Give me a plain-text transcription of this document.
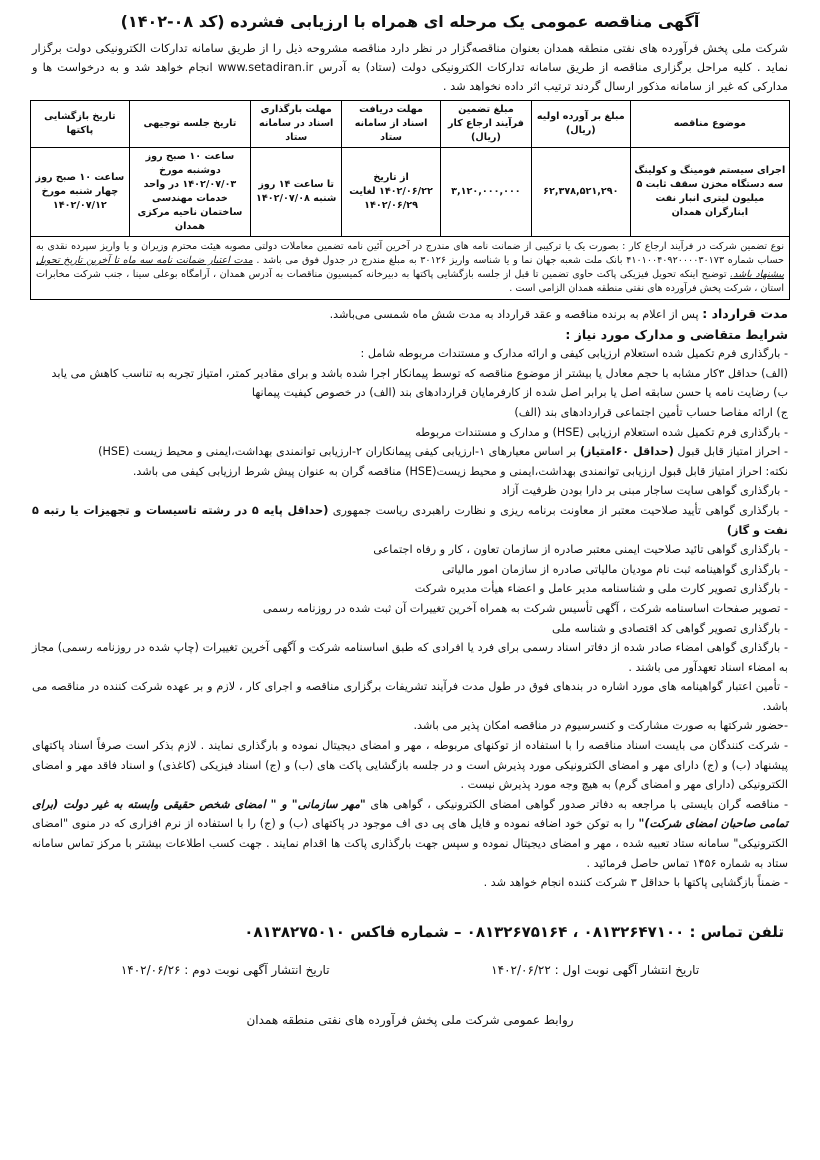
آگهی مناقصه عمومی یک مرحله ای همراه با ارزیابی فشرده (کد ۰۸-۱۴۰۲)
شرکت ملی پخش فرآورده های نفتی منطقه همدان بعنوان مناقصه‌گزار در نظر دارد مناقصه مشروحه ذیل را از طریق سامانه تدارکات الکترونیکی دولت برگزار نماید . کلیه مراحل برگزاری مناقصه از طریق سامانه تدارکات الکترونیکی دولت (ستاد) به آدرس www.setadiran.ir انجام خواهد شد و به درخواست ها و مدارکی که غیر از سامانه مذکور ارسال گردند ترتیب اثر داده نخواهد شد .
موضوع مناقصه	مبلغ بر آورده اولیه (ریال)	مبلغ تضمین فرآیند ارجاع کار (ریال)	مهلت دریافت اسناد از سامانه ستاد	مهلت بارگذاری اسناد در سامانه ستاد	تاریخ جلسه توجیهی	تاریخ بازگشایی پاکتها
اجرای سیستم فومینگ و کولینگ سه دستگاه مخزن سقف ثابت ۵ میلیون لیتری انبار نفت ابنارگران همدان	۶۲,۳۷۸,۵۲۱,۲۹۰	۳,۱۲۰,۰۰۰,۰۰۰	از تاریخ ۱۴۰۲/۰۶/۲۲ لغایت ۱۴۰۲/۰۶/۲۹	تا ساعت ۱۴ روز شنبه ۱۴۰۲/۰۷/۰۸	ساعت ۱۰ صبح روز دوشنبه مورخ ۱۴۰۲/۰۷/۰۳ در واحد خدمات مهندسی ساختمان ناحیه مرکزی همدان	ساعت ۱۰ صبح روز چهار شنبه مورخ ۱۴۰۲/۰۷/۱۲
نوع تضمین شرکت در فرآیند ارجاع کار : بصورت یک یا ترکیبی از ضمانت نامه های مندرج در آخرین آئین نامه تضمین معاملات دولتی مصوبه هیئت محترم وزیران و یا واریز سپرده نقدی به حساب شماره ۴۱۰۱۰۰۴۰۹۲۰۰۰۰۳۰۱۷۳ بانک ملت شعبه جهان نما و یا شناسه واریز ۳۰۱۲۶ به مبلغ مندرج در جدول فوق می باشد . مدت اعتبار ضمانت نامه سه ماه تا آخرین تاریخ تحویل پیشنهاد باشد. توضیح اینکه تحویل فیزیکی پاکت حاوی تضمین تا قبل از جلسه بازگشایی پاکتها به دبیرخانه کمیسیون مناقصات به آدرس همدان ، آرامگاه بوعلی سینا ، جنب شرکت مخابرات استان ، شرکت پخش فرآورده های نفتی منطقه همدان الزامی است .						

مدت قرارداد : پس از اعلام به برنده مناقصه و عقد قرارداد به مدت شش ماه شمسی می‌باشد.

شرایط متقاضی و مدارک مورد نیاز :

- بارگذاری فرم تکمیل شده استعلام ارزیابی کیفی و ارائه مدارک و مستندات مربوطه شامل :

(الف) حداقل ۳کار مشابه با حجم معادل یا بیشتر از موضوع مناقصه که توسط پیمانکار اجرا شده باشد و برای مقادیر کمتر، امتیاز تجربه به تناسب کاهش می یابد

ب) رضایت نامه یا حسن سابقه اصل یا برابر اصل شده از کارفرمایان قراردادهای بند (الف) در خصوص کیفیت پیمانها

ج) ارائه مفاصا حساب تأمین اجتماعی قراردادهای بند (الف)

- بارگذاری فرم تکمیل شده استعلام ارزیابی (HSE) و مدارک و مستندات مربوطه

- احراز امتیاز قابل قبول (حداقل ۶۰امتیاز) بر اساس معیارهای ۱-ارزیابی کیفی پیمانکاران ۲-ارزیابی توانمندی بهداشت،ایمنی و محیط زیست (HSE)

نکته: احراز امتیاز قابل قبول ارزیابی توانمندی بهداشت،ایمنی و محیط زیست(HSE) مناقصه گران به عنوان پیش شرط ارزیابی کیفی می باشد.

- بارگذاری گواهی سایت ساجار مبنی بر دارا بودن ظرفیت آزاد

- بارگذاری گواهی تأیید صلاحیت معتبر از معاونت برنامه ریزی و نظارت راهبردی ریاست جمهوری (حداقل پایه ۵ در رشته تاسیسات و تجهیزات یا رتبه ۵ نفت و گاز)

- بارگذاری گواهی تائید صلاحیت ایمنی معتبر صادره از سازمان تعاون ، کار و رفاه اجتماعی

- بارگذاری گواهینامه ثبت نام مودیان مالیاتی صادره از سازمان امور مالیاتی

- بارگذاری تصویر کارت ملی و شناسنامه مدیر عامل و اعضاء هیأت مدیره شرکت

- تصویر صفحات اساسنامه شرکت ، آگهی تأسیس شرکت به همراه آخرین تغییرات آن ثبت شده در روزنامه رسمی

- بارگذاری تصویر گواهی کد اقتصادی و شناسه ملی

- بارگذاری گواهی امضاء صادر شده از دفاتر اسناد رسمی برای فرد یا افرادی که طبق اساسنامه شرکت و آگهی آخرین تغییرات (چاپ شده در روزنامه رسمی) مجاز به امضاء اسناد تعهدآور می باشند .

- تأمین اعتبار گواهینامه های مورد اشاره در بندهای فوق در طول مدت فرآیند تشریفات برگزاری مناقصه و اجرای کار ، لازم و بر عهده شرکت کننده در مناقصه می باشد.

-حضور شرکتها به صورت مشارکت و کنسرسیوم در مناقصه امکان پذیر می باشد.

- شرکت کنندگان می بایست اسناد مناقصه را با استفاده از توکنهای مربوطه ، مهر و امضای دیجیتال نموده و بارگذاری نمایند . لازم بذکر است صرفاً اسناد پاکتهای پیشنهاد (ب) و (ج) دارای مهر و امضای الکترونیکی مورد پذیرش است و در جلسه بازگشایی پاکت های (ب) و (ج) اسناد فیزیکی (کاغذی) و اسناد فاقد مهر و امضای الکترونیکی (دارای مهر و امضای گرم) به هیچ وجه مورد پذیرش نیست .

- مناقصه گران بایستی با مراجعه به دفاتر صدور گواهی امضای الکترونیکی ، گواهی های "مهر سازمانی" و " امضای شخص حقیقی وابسته به غیر دولت (برای تمامی صاحبان امضای شرکت)" را به توکن خود اضافه نموده و فایل های پی دی اف موجود در پاکتهای (ب) و (ج) را با استفاده از نرم افزاری که در منوی "امضای الکترونیکی" سامانه ستاد تعبیه شده ، مهر و امضای دیجیتال نموده و سپس جهت بارگذاری پاکت ها اقدام نمایند . جهت کسب اطلاعات بیشتر با مرکز تماس سامانه ستاد به شماره ۱۴۵۶ تماس حاصل فرمائید .

- ضمناً بازگشایی پاکتها با حداقل ۳ شرکت کننده انجام خواهد شد .

تلفن تماس : ۰۸۱۳۲۶۴۷۱۰۰ ، ۰۸۱۳۲۶۷۵۱۶۴ – شماره فاکس ۰۸۱۳۸۲۷۵۰۱۰
تاریخ انتشار آگهی نوبت اول : ۱۴۰۲/۰۶/۲۲
تاریخ انتشار آگهی نوبت دوم : ۱۴۰۲/۰۶/۲۶
روابط عمومی شرکت ملی پخش فرآورده های نفتی منطقه همدان
